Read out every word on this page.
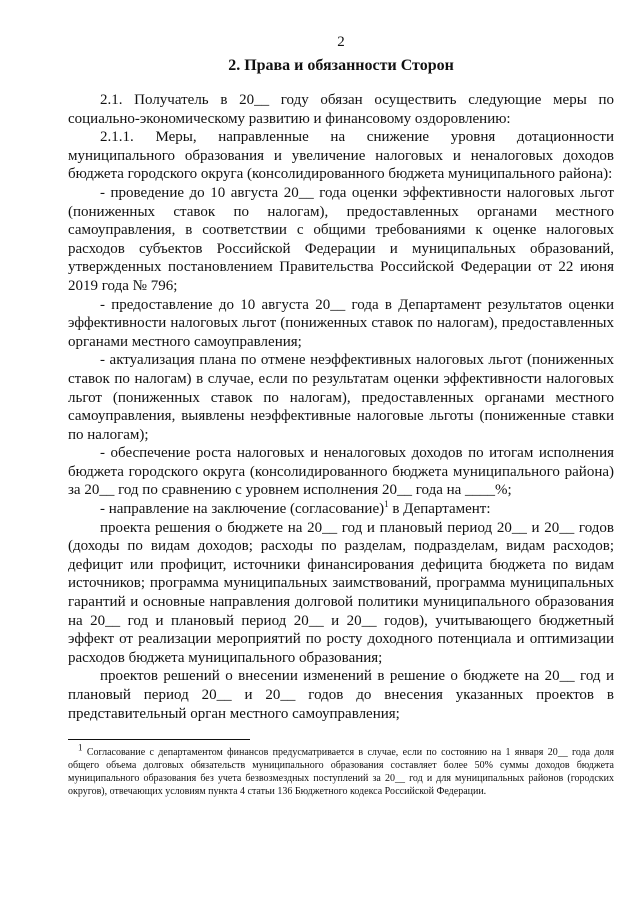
2
2. Права и обязанности Сторон

2.1. Получатель в 20__ году обязан осуществить следующие меры по социально-экономическому развитию и финансовому оздоровлению:

2.1.1. Меры, направленные на снижение уровня дотационности муниципального образования и увеличение налоговых и неналоговых доходов бюджета городского округа (консолидированного бюджета муниципального района):

- проведение до 10 августа 20__ года оценки эффективности налоговых льгот (пониженных ставок по налогам), предоставленных органами местного самоуправления, в соответствии с общими требованиями к оценке налоговых расходов субъектов Российской Федерации и муниципальных образований, утвержденных постановлением Правительства Российской Федерации от 22 июня 2019 года № 796;

- предоставление до 10 августа 20__ года в Департамент результатов оценки эффективности налоговых льгот (пониженных ставок по налогам), предоставленных органами местного самоуправления;

- актуализация плана по отмене неэффективных налоговых льгот (пониженных ставок по налогам) в случае, если по результатам оценки эффективности налоговых льгот (пониженных ставок по налогам), предоставленных органами местного самоуправления, выявлены неэффективные налоговые льготы (пониженные ставки по налогам);

- обеспечение роста налоговых и неналоговых доходов по итогам исполнения бюджета городского округа (консолидированного бюджета муниципального района) за 20__ год по сравнению с уровнем исполнения 20__ года на ____%;

- направление на заключение (согласование)$^1$ в Департамент:

проекта решения о бюджете на 20__ год и плановый период 20__ и 20__ годов (доходы по видам доходов; расходы по разделам, подразделам, видам расходов; дефицит или профицит, источники финансирования дефицита бюджета по видам источников; программа муниципальных заимствований, программа муниципальных гарантий и основные направления долговой политики муниципального образования на 20__ год и плановый период 20__ и 20__ годов), учитывающего бюджетный эффект от реализации мероприятий по росту доходного потенциала и оптимизации расходов бюджета муниципального образования;

проектов решений о внесении изменений в решение о бюджете на 20__ год и плановый период 20__ и 20__ годов до внесения указанных проектов в представительный орган местного самоуправления;

$^1$ Согласование с департаментом финансов предусматривается в случае, если по состоянию на 1 января 20__ года доля общего объема долговых обязательств муниципального образования составляет более 50% суммы доходов бюджета муниципального образования без учета безвозмездных поступлений за 20__ год и для муниципальных районов (городских округов), отвечающих условиям пункта 4 статьи 136 Бюджетного кодекса Российской Федерации.
